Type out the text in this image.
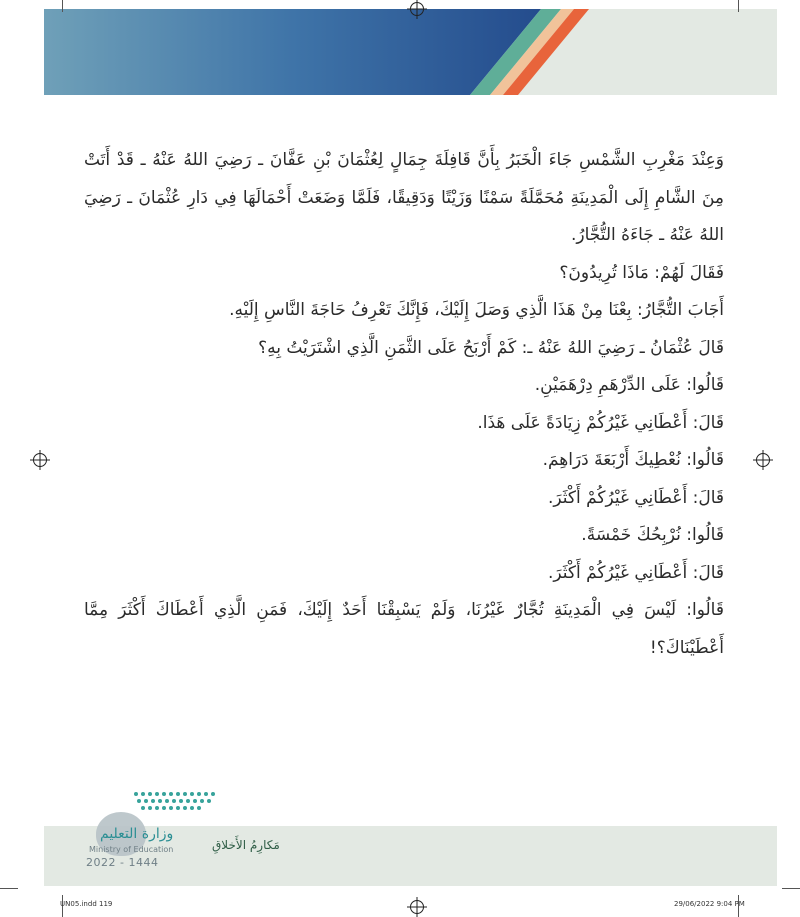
وَعِنْدَ مَغْرِبِ الشَّمْسِ جَاءَ الْخَبَرُ بِأَنَّ قَافِلَةَ جِمَالٍ لِعُثْمَانَ بْنِ عَفَّانَ ـ رَضِيَ اللهُ عَنْهُ ـ قَدْ أَتَتْ مِنَ الشَّامِ إِلَى الْمَدِينَةِ مُحَمَّلَةً سَمْنًا وَزَيْتًا وَدَقِيقًا، فَلَمَّا وَضَعَتْ أَحْمَالَهَا فِي دَارِ عُثْمَانَ ـ رَضِيَ اللهُ عَنْهُ ـ جَاءَهُ التُّجَّارُ.

فَقَالَ لَهُمْ: مَاذَا تُرِيدُونَ؟

أَجَابَ التُّجَّارُ: بِعْنَا مِنْ هَذَا الَّذِي وَصَلَ إِلَيْكَ، فَإِنَّكَ تَعْرِفُ حَاجَةَ النَّاسِ إِلَيْهِ.

قَالَ عُثْمَانُ ـ رَضِيَ اللهُ عَنْهُ ـ: كَمْ أَرْبَحُ عَلَى الثَّمَنِ الَّذِي اشْتَرَيْتُ بِهِ؟

قَالُوا: عَلَى الدِّرْهَمِ دِرْهَمَيْنِ.

قَالَ: أَعْطَانِي غَيْرُكُمْ زِيَادَةً عَلَى هَذَا.

قَالُوا: نُعْطِيكَ أَرْبَعَةَ دَرَاهِمَ.

قَالَ: أَعْطَانِي غَيْرُكُمْ أَكْثَرَ.

قَالُوا: نُرْبِحُكَ خَمْسَةً.

قَالَ: أَعْطَانِي غَيْرُكُمْ أَكْثَرَ.

قَالُوا: لَيْسَ فِي الْمَدِينَةِ تُجَّارٌ غَيْرُنَا، وَلَمْ يَسْبِقْنَا أَحَدٌ إِلَيْكَ، فَمَنِ الَّذِي أَعْطَاكَ أَكْثَرَ مِمَّا أَعْطَيْنَاكَ؟!

وزارة التعليم
Ministry of Education
2022 - 1444
مَكارِمُ الأَخلاقِ
UN05.indd 119	29/06/2022 9:04 PM
